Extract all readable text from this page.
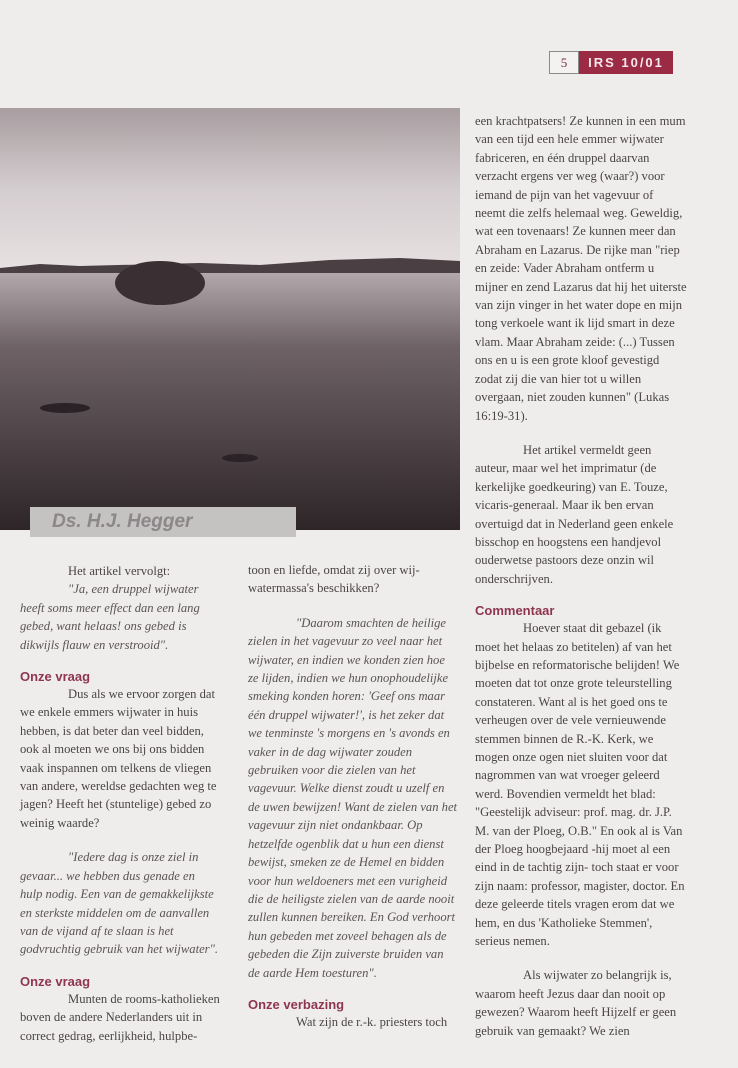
5	IRS 10/01
Ds. H.J. Hegger

Het artikel vervolgt:

"Ja, een druppel wijwater heeft soms meer effect dan een lang gebed, want helaas! ons gebed is dikwijls flauw en verstrooid".

Onze vraag

Dus als we ervoor zorgen dat we enkele emmers wijwater in huis hebben, is dat beter dan veel bidden, ook al moeten we ons bij ons bidden vaak inspannen om telkens de vliegen van andere, wereldse gedachten weg te jagen? Heeft het (stuntelige) gebed zo weinig waarde?

"Iedere dag is onze ziel in gevaar... we hebben dus genade en hulp nodig. Een van de gemakkelijkste en sterkste middelen om de aanvallen van de vijand af te slaan is het godvruchtig gebruik van het wijwater".

Onze vraag

Munten de rooms-katholieken boven de andere Nederlanders uit in correct gedrag, eerlijkheid, hulpbe-

toon en liefde, omdat zij over wij-watermassa's beschikken?

"Daarom smachten de heilige zielen in het vagevuur zo veel naar het wijwater, en indien we konden zien hoe ze lijden, indien we hun onophoudelijke smeking konden horen: 'Geef ons maar één druppel wijwater!', is het zeker dat we tenminste 's morgens en 's avonds en vaker in de dag wijwater zouden gebruiken voor die zielen van het vagevuur. Welke dienst zoudt u uzelf en de uwen bewijzen! Want de zielen van het vagevuur zijn niet ondankbaar. Op hetzelfde ogenblik dat u hun een dienst bewijst, smeken ze de Hemel en bidden voor hun weldoeners met een vurigheid die de heiligste zielen van de aarde nooit zullen kunnen bereiken. En God verhoort hun gebeden met zoveel behagen als de gebeden die Zijn zuiverste bruiden van de aarde Hem toesturen".

Onze verbazing

Wat zijn de r.-k. priesters toch

een krachtpatsers! Ze kunnen in een mum van een tijd een hele emmer wijwater fabriceren, en één druppel daarvan verzacht ergens ver weg (waar?) voor iemand de pijn van het vagevuur of neemt die zelfs helemaal weg. Geweldig, wat een tovenaars! Ze kunnen meer dan Abraham en Lazarus. De rijke man "riep en zeide: Vader Abraham ontferm u mijner en zend Lazarus dat hij het uiterste van zijn vinger in het water dope en mijn tong verkoele want ik lijd smart in deze vlam. Maar Abraham zeide: (...) Tussen ons en u is een grote kloof gevestigd zodat zij die van hier tot u willen overgaan, niet zouden kunnen" (Lukas 16:19-31).

Het artikel vermeldt geen auteur, maar wel het imprimatur (de kerkelijke goedkeuring) van E. Touze, vicaris-generaal. Maar ik ben ervan overtuigd dat in Nederland geen enkele bisschop en hoogstens een handjevol ouderwetse pastoors deze onzin wil onderschrijven.

Commentaar

Hoever staat dit gebazel (ik moet het helaas zo betitelen) af van het bijbelse en reformatorische belijden! We moeten dat tot onze grote teleurstelling constateren. Want al is het goed ons te verheugen over de vele vernieuwende stemmen binnen de R.-K. Kerk, we mogen onze ogen niet sluiten voor dat nagrommen van wat vroeger geleerd werd. Bovendien vermeldt het blad: "Geestelijk adviseur: prof. mag. dr. J.P. M. van der Ploeg, O.B." En ook al is Van der Ploeg hoogbejaard -hij moet al een eind in de tachtig zijn- toch staat er voor zijn naam: professor, magister, doctor. En deze geleerde titels vragen erom dat we hem, en dus 'Katholieke Stemmen', serieus nemen.

Als wijwater zo belangrijk is, waarom heeft Jezus daar dan nooit op gewezen? Waarom heeft Hijzelf er geen gebruik van gemaakt? We zien
